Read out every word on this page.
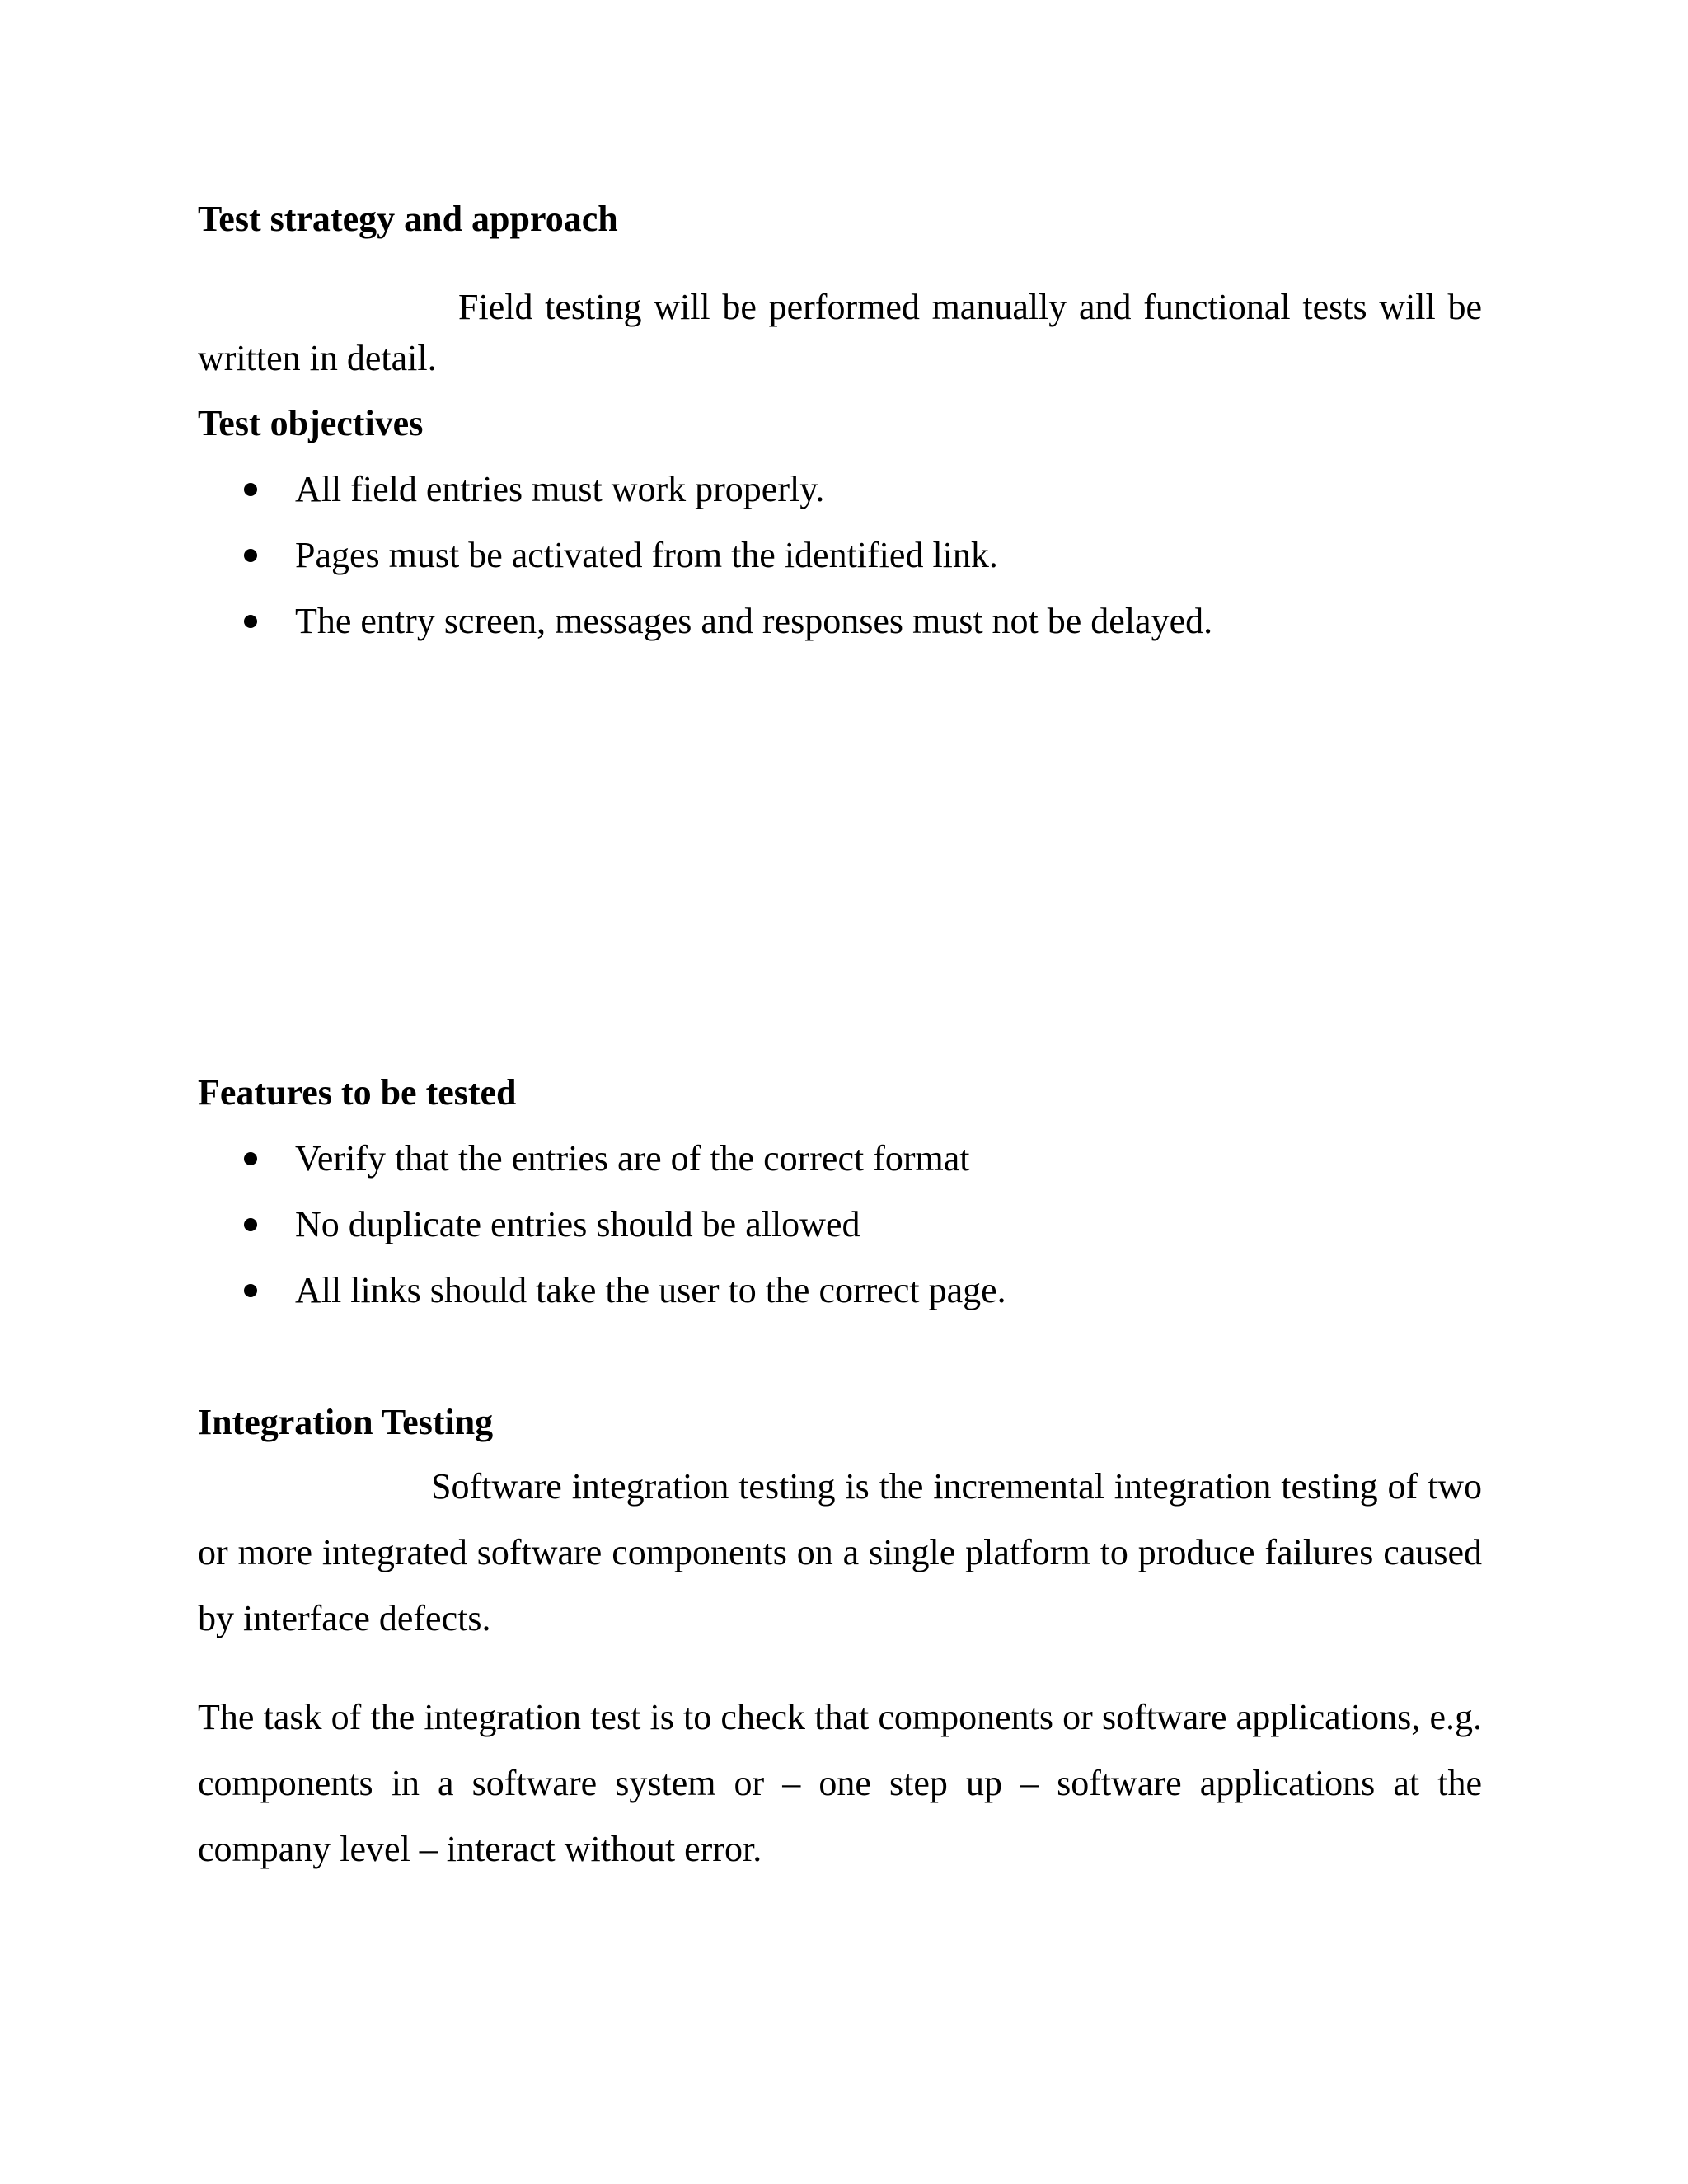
Test strategy and approach

Field testing will be performed manually and functional tests will be written in detail.

Test objectives
All field entries must work properly.
Pages must be activated from the identified link.
The entry screen, messages and responses must not be delayed.
Features to be tested
Verify that the entries are of the correct format
No duplicate entries should be allowed
All links should take the user to the correct page.
Integration Testing

Software integration testing is the incremental integration testing of two or more integrated software components on a single platform to produce failures caused by interface defects.

The task of the integration test is to check that components or software applications, e.g. components in a software system or – one step up – software applications at the company level – interact without error.
